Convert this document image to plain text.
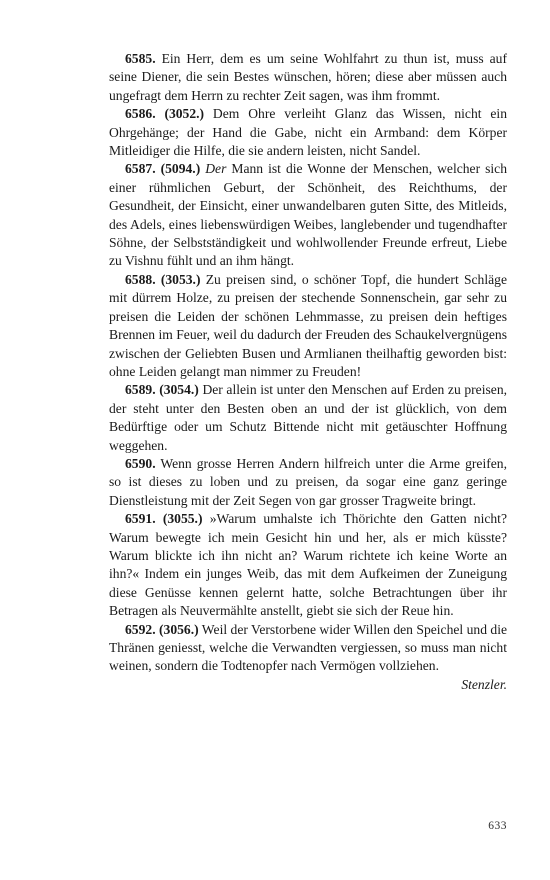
6585. Ein Herr, dem es um seine Wohlfahrt zu thun ist, muss auf seine Diener, die sein Bestes wünschen, hören; diese aber müssen auch ungefragt dem Herrn zu rechter Zeit sagen, was ihm frommt.

6586. (3052.) Dem Ohre verleiht Glanz das Wissen, nicht ein Ohrgehänge; der Hand die Gabe, nicht ein Armband: dem Körper Mitleidiger die Hilfe, die sie andern leisten, nicht Sandel.

6587. (5094.) Der Mann ist die Wonne der Menschen, welcher sich einer rühmlichen Geburt, der Schönheit, des Reichthums, der Gesundheit, der Einsicht, einer unwandelbaren guten Sitte, des Mitleids, des Adels, eines liebenswürdigen Weibes, langlebender und tugendhafter Söhne, der Selbstständigkeit und wohlwollender Freunde erfreut, Liebe zu Vishnu fühlt und an ihm hängt.

6588. (3053.) Zu preisen sind, o schöner Topf, die hundert Schläge mit dürrem Holze, zu preisen der stechende Sonnenschein, gar sehr zu preisen die Leiden der schönen Lehmmasse, zu preisen dein heftiges Brennen im Feuer, weil du dadurch der Freuden des Schaukelvergnügens zwischen der Geliebten Busen und Armlianen theilhaftig geworden bist: ohne Leiden gelangt man nimmer zu Freuden!

6589. (3054.) Der allein ist unter den Menschen auf Erden zu preisen, der steht unter den Besten oben an und der ist glücklich, von dem Bedürftige oder um Schutz Bittende nicht mit getäuschter Hoffnung weggehen.

6590. Wenn grosse Herren Andern hilfreich unter die Arme greifen, so ist dieses zu loben und zu preisen, da sogar eine ganz geringe Dienstleistung mit der Zeit Segen von gar grosser Tragweite bringt.

6591. (3055.) »Warum umhalste ich Thörichte den Gatten nicht? Warum bewegte ich mein Gesicht hin und her, als er mich küsste? Warum blickte ich ihn nicht an? Warum richtete ich keine Worte an ihn?« Indem ein junges Weib, das mit dem Aufkeimen der Zuneigung diese Genüsse kennen gelernt hatte, solche Betrachtungen über ihr Betragen als Neuvermählte anstellt, giebt sie sich der Reue hin.

6592. (3056.) Weil der Verstorbene wider Willen den Speichel und die Thränen geniesst, welche die Verwandten vergiessen, so muss man nicht weinen, sondern die Todtenopfer nach Vermögen vollziehen.

Stenzler.

633
